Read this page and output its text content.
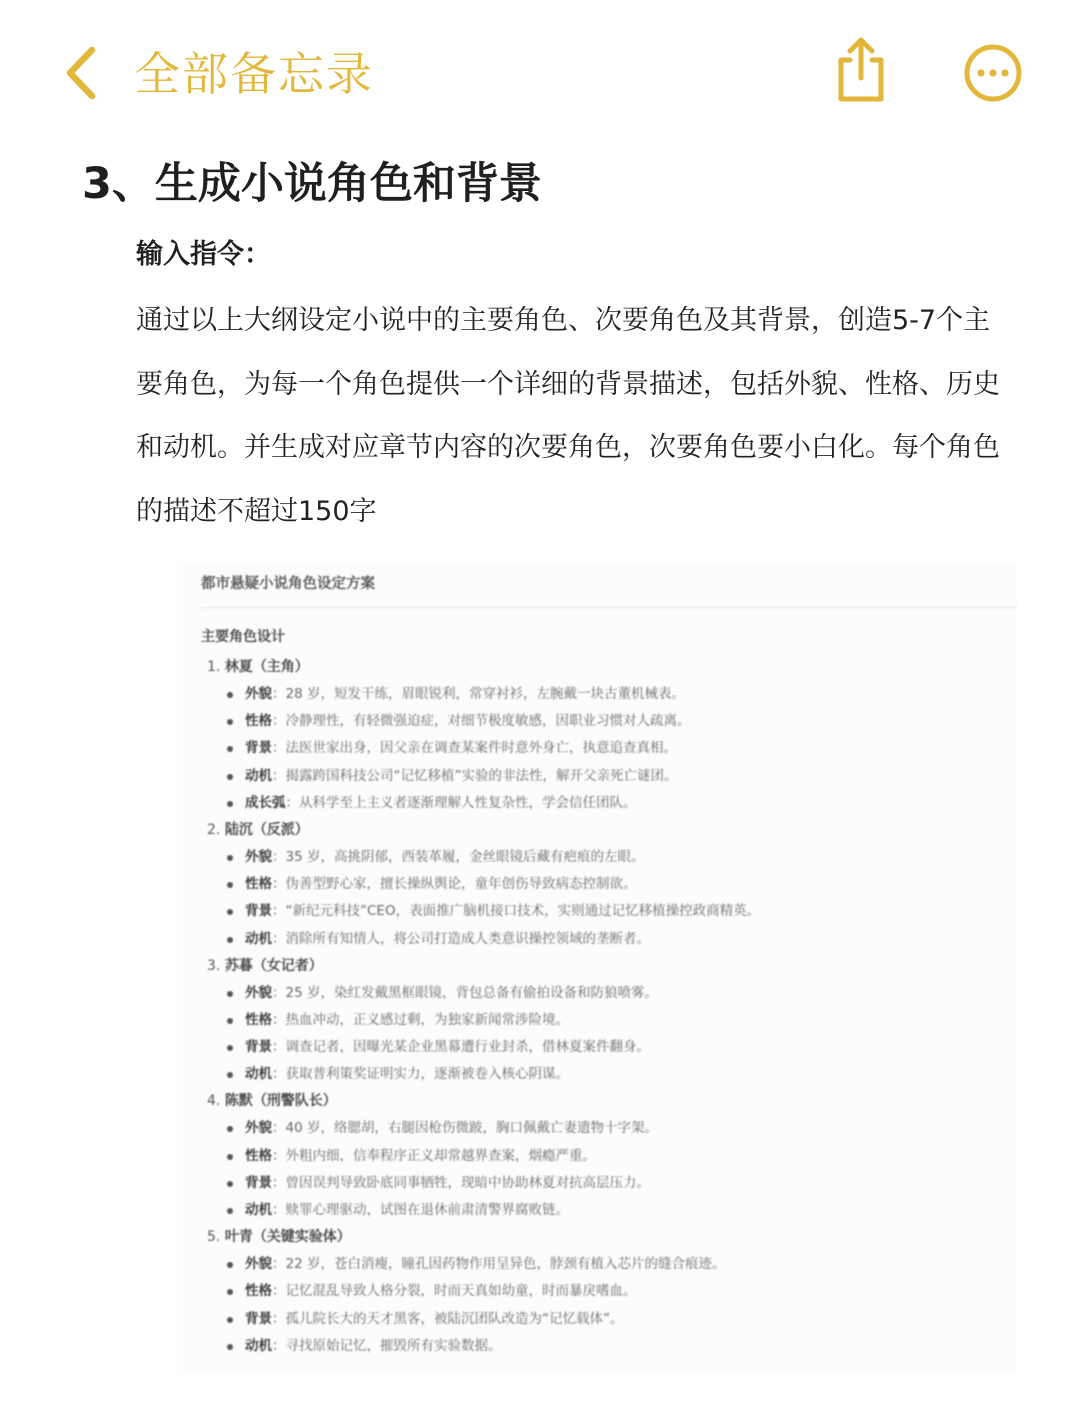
全部备忘录
3、生成小说角色和背景
输入指令：
通过以上大纲设定小说中的主要角色、次要角色及其背景，创造5-7个主要角色，为每一个角色提供一个详细的背景描述，包括外貌、性格、历史和动机。并生成对应章节内容的次要角色，次要角色要小白化。每个角色的描述不超过150字
都市悬疑小说角色设定方案
主要角色设计
1. 林夏（主角）
外貌：28 岁，短发干练，眉眼锐利，常穿衬衫，左腕戴一块古董机械表。
性格：冷静理性，有轻微强迫症，对细节极度敏感，因职业习惯对人疏离。
背景：法医世家出身，因父亲在调查某案件时意外身亡，执意追查真相。
动机：揭露跨国科技公司“记忆移植”实验的非法性，解开父亲死亡谜团。
成长弧：从科学至上主义者逐渐理解人性复杂性，学会信任团队。
2. 陆沉（反派）
外貌：35 岁，高挑阴郁，西装革履，金丝眼镜后藏有疤痕的左眼。
性格：伪善型野心家，擅长操纵舆论，童年创伤导致病态控制欲。
背景：“新纪元科技”CEO，表面推广脑机接口技术，实则通过记忆移植操控政商精英。
动机：消除所有知情人，将公司打造成人类意识操控领域的垄断者。
3. 苏暮（女记者）
外貌：25 岁，染红发戴黑框眼镜，背包总备有偷拍设备和防狼喷雾。
性格：热血冲动，正义感过剩，为独家新闻常涉险境。
背景：调查记者，因曝光某企业黑幕遭行业封杀，借林夏案件翻身。
动机：获取普利策奖证明实力，逐渐被卷入核心阴谋。
4. 陈默（刑警队长）
外貌：40 岁，络腮胡，右腿因枪伤微跛，胸口佩戴亡妻遗物十字架。
性格：外粗内细，信奉程序正义却常越界查案，烟瘾严重。
背景：曾因误判导致卧底同事牺牲，现暗中协助林夏对抗高层压力。
动机：赎罪心理驱动，试图在退休前肃清警界腐败链。
5. 叶青（关键实验体）
外貌：22 岁，苍白消瘦，瞳孔因药物作用呈异色，脖颈有植入芯片的缝合痕迹。
性格：记忆混乱导致人格分裂，时而天真如幼童，时而暴戾嗜血。
背景：孤儿院长大的天才黑客，被陆沉团队改造为“记忆载体”。
动机：寻找原始记忆，摧毁所有实验数据。
